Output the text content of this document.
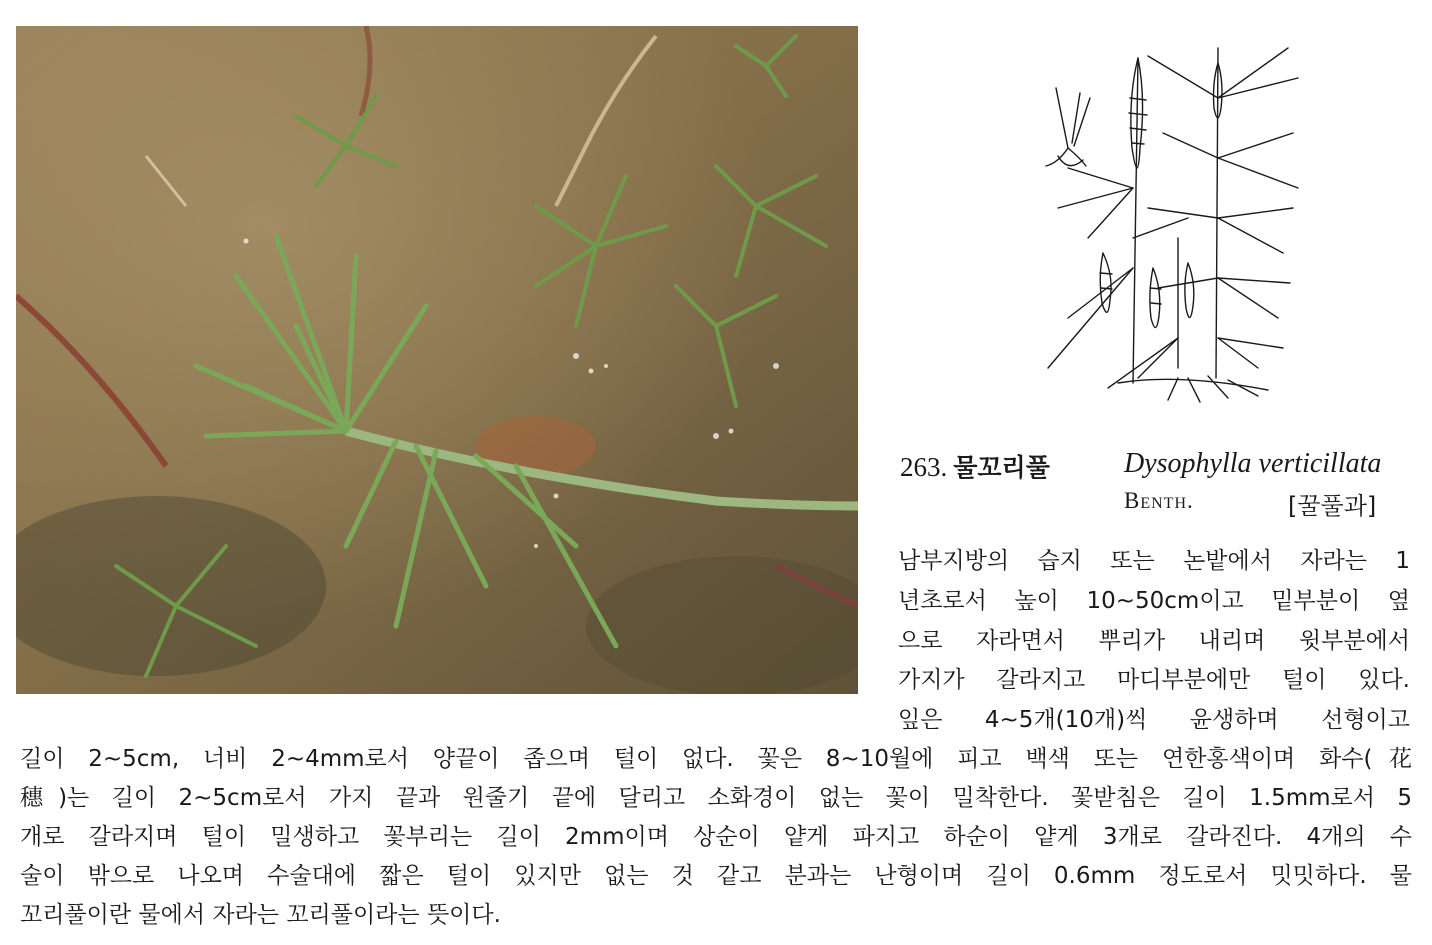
263. 물꼬리풀	Dysophylla verticillata
Benth.	[꿀풀과]
남부지방의 습지 또는 논밭에서 자라는 1
년초로서 높이 10~50cm이고 밑부분이 옆
으로 자라면서 뿌리가 내리며 윗부분에서
가지가 갈라지고 마디부분에만 털이 있다.
잎은 4~5개(10개)씩 윤생하며 선형이고
길이 2~5cm, 너비 2~4mm로서 양끝이 좁으며 털이 없다. 꽃은 8~10월에 피고 백색 또는 연한홍색이며 화수(花
穗)는 길이 2~5cm로서 가지 끝과 원줄기 끝에 달리고 소화경이 없는 꽃이 밀착한다. 꽃받침은 길이 1.5mm로서 5
개로 갈라지며 털이 밀생하고 꽃부리는 길이 2mm이며 상순이 얕게 파지고 하순이 얕게 3개로 갈라진다. 4개의 수
술이 밖으로 나오며 수술대에 짧은 털이 있지만 없는 것 같고 분과는 난형이며 길이 0.6mm 정도로서 밋밋하다. 물
꼬리풀이란 물에서 자라는 꼬리풀이라는 뜻이다.
